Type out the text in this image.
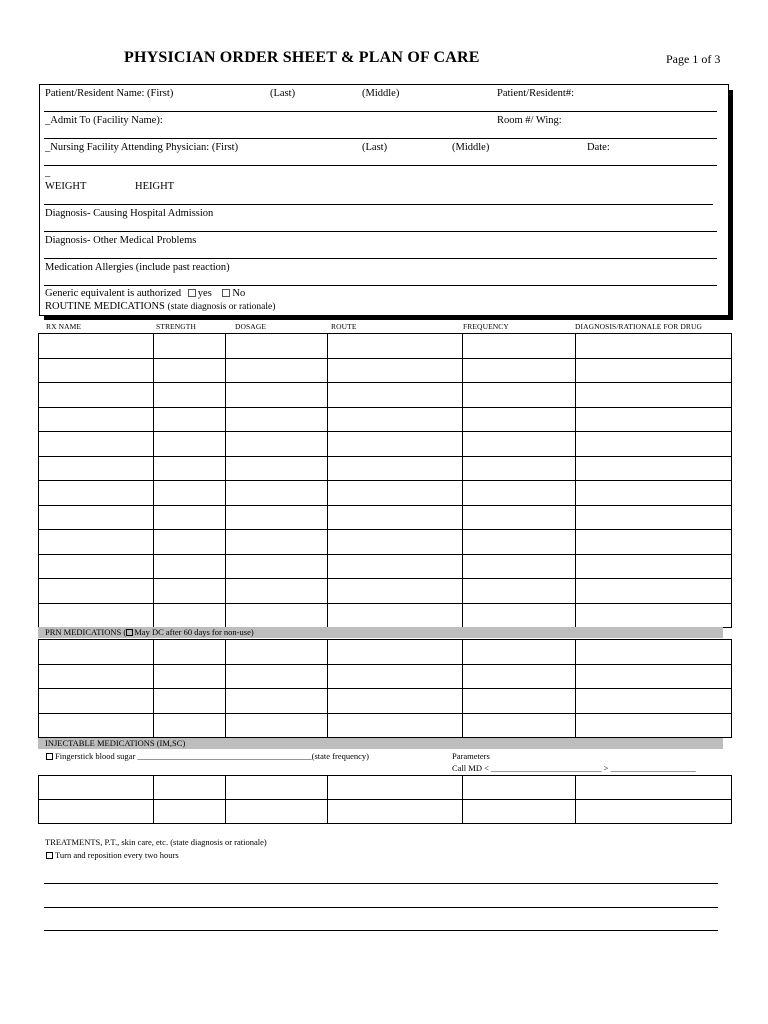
PHYSICIAN ORDER SHEET & PLAN OF CARE	Page 1 of 3
Patient/Resident Name: (First)	(Last)	(Middle)	Patient/Resident#:
_Admit To (Facility Name):	Room #/ Wing:
_Nursing Facility Attending Physician: (First)	(Last)	(Middle)	Date:
_
WEIGHT	HEIGHT
Diagnosis- Causing Hospital Admission
Diagnosis- Other Medical Problems
Medication Allergies (include past reaction)
Generic equivalent is authorized yes No
ROUTINE MEDICATIONS (state diagnosis or rationale)
RX NAME	STRENGTH	DOSAGE	ROUTE	FREQUENCY	DIAGNOSIS/RATIONALE FOR DRUG

PRN MEDICATIONS ( May DC after 60 days for non-use)

INJECTABLE MEDICATIONS (IM,SC)
Fingerstick blood sugar _________________________________________(state frequency)	Parameters
Call MD < __________________________ > ____________________

TREATMENTS, P.T., skin care, etc. (state diagnosis or rationale)
Turn and reposition every two hours
